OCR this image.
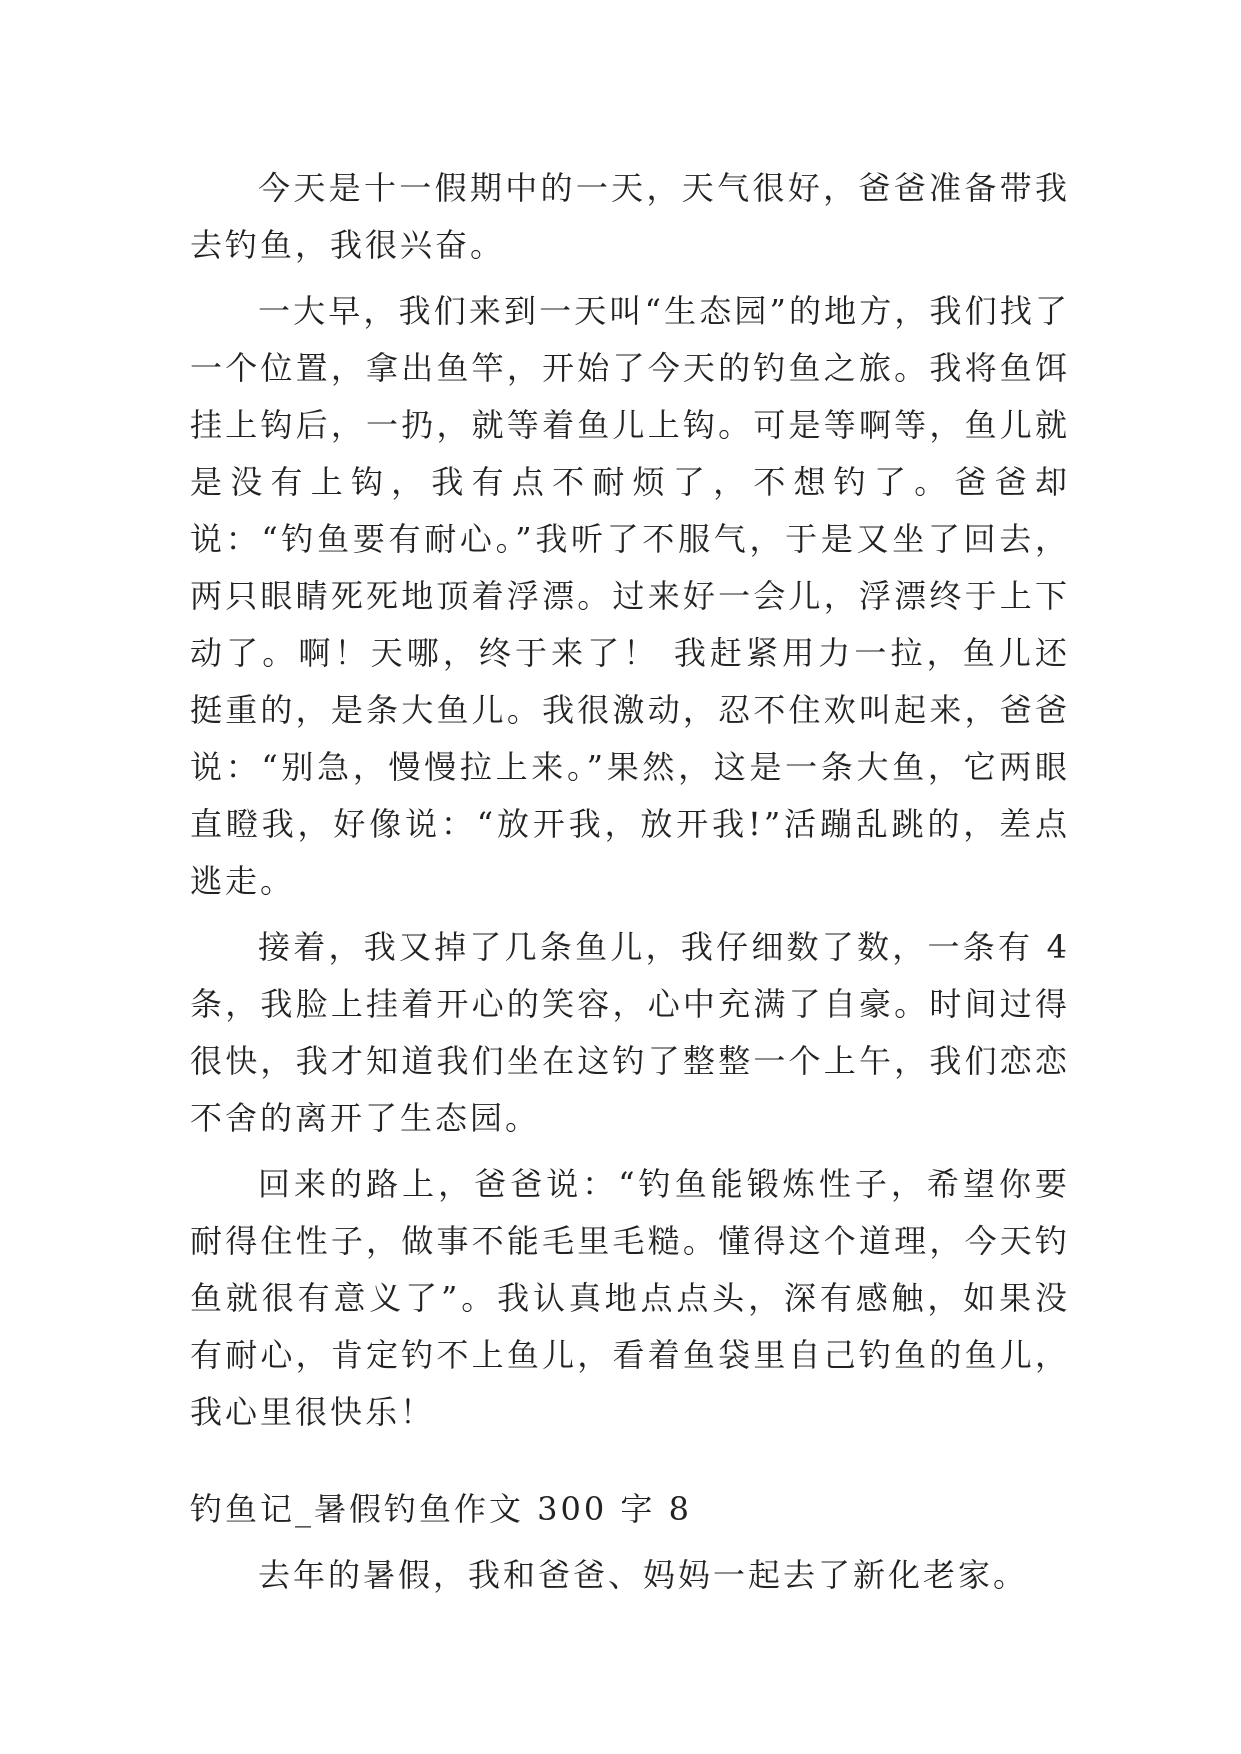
今天是十一假期中的一天，天气很好，爸爸准备带我去钓鱼，我很兴奋。

一大早，我们来到一天叫“生态园”的地方，我们找了一个位置，拿出鱼竿，开始了今天的钓鱼之旅。我将鱼饵挂上钩后，一扔，就等着鱼儿上钩。可是等啊等，鱼儿就是没有上钩，我有点不耐烦了，不想钓了。爸爸却说：“钓鱼要有耐心。”我听了不服气，于是又坐了回去，两只眼睛死死地顶着浮漂。过来好一会儿，浮漂终于上下动了。啊！天哪，终于来了！ 我赶紧用力一拉，鱼儿还挺重的，是条大鱼儿。我很激动，忍不住欢叫起来，爸爸说：“别急，慢慢拉上来。”果然，这是一条大鱼，它两眼直瞪我，好像说：“放开我，放开我!”活蹦乱跳的，差点逃走。

接着，我又掉了几条鱼儿，我仔细数了数，一条有 4 条，我脸上挂着开心的笑容，心中充满了自豪。时间过得很快，我才知道我们坐在这钓了整整一个上午，我们恋恋不舍的离开了生态园。

回来的路上，爸爸说：“钓鱼能锻炼性子，希望你要耐得住性子，做事不能毛里毛糙。懂得这个道理，今天钓鱼就很有意义了”。我认真地点点头，深有感触，如果没有耐心，肯定钓不上鱼儿，看着鱼袋里自己钓鱼的鱼儿，我心里很快乐！

钓鱼记_暑假钓鱼作文 300 字 8

去年的暑假，我和爸爸、妈妈一起去了新化老家。
